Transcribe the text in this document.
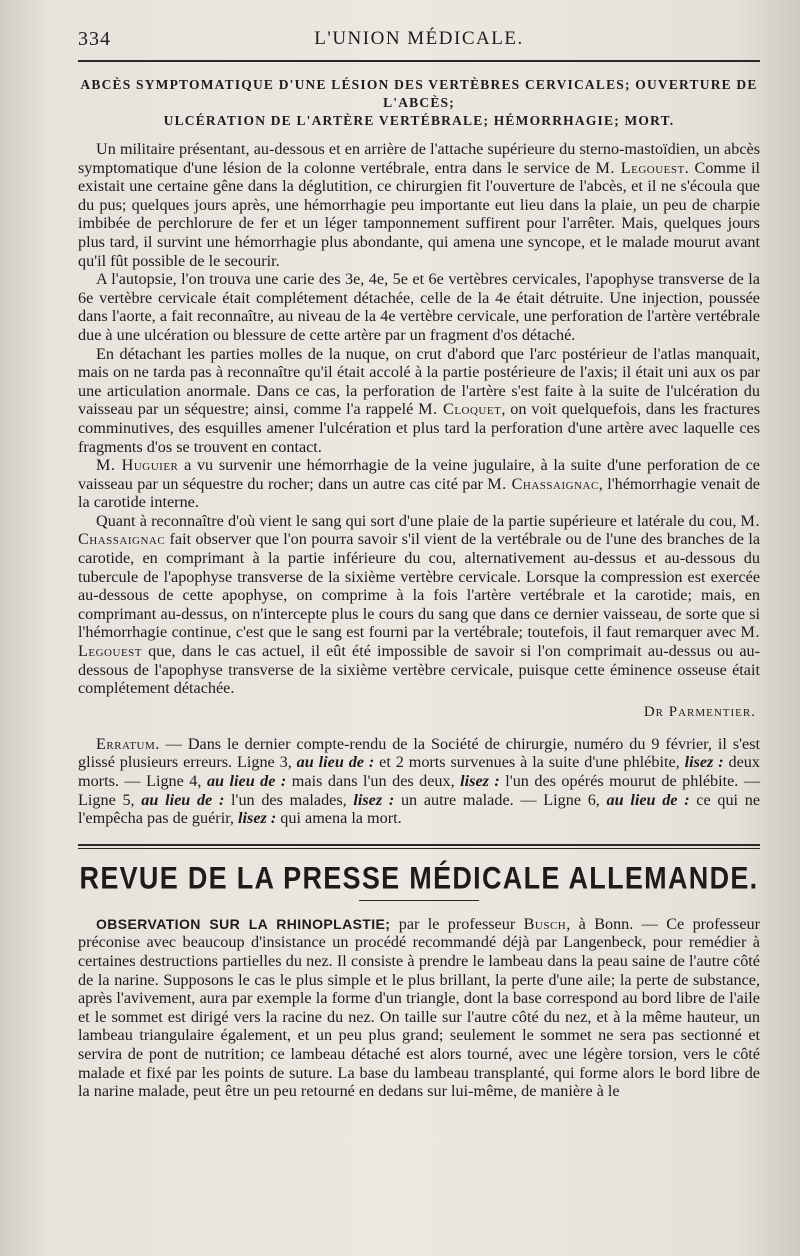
334	L'UNION MÉDICALE.
ABCÈS SYMPTOMATIQUE D'UNE LÉSION DES VERTÈBRES CERVICALES; OUVERTURE DE L'ABCÈS;
ULCÉRATION DE L'ARTÈRE VERTÉBRALE; HÉMORRHAGIE; MORT.

Un militaire présentant, au-dessous et en arrière de l'attache supérieure du sterno-mastoïdien, un abcès symptomatique d'une lésion de la colonne vertébrale, entra dans le service de M. Legouest. Comme il existait une certaine gêne dans la déglutition, ce chirurgien fit l'ouverture de l'abcès, et il ne s'écoula que du pus; quelques jours après, une hémorrhagie peu importante eut lieu dans la plaie, un peu de charpie imbibée de perchlorure de fer et un léger tamponnement suffirent pour l'arrêter. Mais, quelques jours plus tard, il survint une hémorrhagie plus abondante, qui amena une syncope, et le malade mourut avant qu'il fût possible de le secourir.

A l'autopsie, l'on trouva une carie des 3e, 4e, 5e et 6e vertèbres cervicales, l'apophyse transverse de la 6e vertèbre cervicale était complétement détachée, celle de la 4e était détruite. Une injection, poussée dans l'aorte, a fait reconnaître, au niveau de la 4e vertèbre cervicale, une perforation de l'artère vertébrale due à une ulcération ou blessure de cette artère par un fragment d'os détaché.

En détachant les parties molles de la nuque, on crut d'abord que l'arc postérieur de l'atlas manquait, mais on ne tarda pas à reconnaître qu'il était accolé à la partie postérieure de l'axis; il était uni aux os par une articulation anormale. Dans ce cas, la perforation de l'artère s'est faite à la suite de l'ulcération du vaisseau par un séquestre; ainsi, comme l'a rappelé M. Cloquet, on voit quelquefois, dans les fractures comminutives, des esquilles amener l'ulcération et plus tard la perforation d'une artère avec laquelle ces fragments d'os se trouvent en contact.

M. Huguier a vu survenir une hémorrhagie de la veine jugulaire, à la suite d'une perforation de ce vaisseau par un séquestre du rocher; dans un autre cas cité par M. Chassaignac, l'hémorrhagie venait de la carotide interne.

Quant à reconnaître d'où vient le sang qui sort d'une plaie de la partie supérieure et latérale du cou, M. Chassaignac fait observer que l'on pourra savoir s'il vient de la vertébrale ou de l'une des branches de la carotide, en comprimant à la partie inférieure du cou, alternativement au-dessus et au-dessous du tubercule de l'apophyse transverse de la sixième vertèbre cervicale. Lorsque la compression est exercée au-dessous de cette apophyse, on comprime à la fois l'artère vertébrale et la carotide; mais, en comprimant au-dessus, on n'intercepte plus le cours du sang que dans ce dernier vaisseau, de sorte que si l'hémorrhagie continue, c'est que le sang est fourni par la vertébrale; toutefois, il faut remarquer avec M. Legouest que, dans le cas actuel, il eût été impossible de savoir si l'on comprimait au-dessus ou au-dessous de l'apophyse transverse de la sixième vertèbre cervicale, puisque cette éminence osseuse était complétement détachée.

Dr Parmentier.

Erratum. — Dans le dernier compte-rendu de la Société de chirurgie, numéro du 9 février, il s'est glissé plusieurs erreurs. Ligne 3, au lieu de : et 2 morts survenues à la suite d'une phlébite, lisez : deux morts. — Ligne 4, au lieu de : mais dans l'un des deux, lisez : l'un des opérés mourut de phlébite. — Ligne 5, au lieu de : l'un des malades, lisez : un autre malade. — Ligne 6, au lieu de : ce qui ne l'empêcha pas de guérir, lisez : qui amena la mort.

REVUE DE LA PRESSE MÉDICALE ALLEMANDE.

OBSERVATION SUR LA RHINOPLASTIE; par le professeur Busch, à Bonn. — Ce professeur préconise avec beaucoup d'insistance un procédé recommandé déjà par Langenbeck, pour remédier à certaines destructions partielles du nez. Il consiste à prendre le lambeau dans la peau saine de l'autre côté de la narine. Supposons le cas le plus simple et le plus brillant, la perte d'une aile; la perte de substance, après l'avivement, aura par exemple la forme d'un triangle, dont la base correspond au bord libre de l'aile et le sommet est dirigé vers la racine du nez. On taille sur l'autre côté du nez, et à la même hauteur, un lambeau triangulaire également, et un peu plus grand; seulement le sommet ne sera pas sectionné et servira de pont de nutrition; ce lambeau détaché est alors tourné, avec une légère torsion, vers le côté malade et fixé par les points de suture. La base du lambeau transplanté, qui forme alors le bord libre de la narine malade, peut être un peu retourné en dedans sur lui-même, de manière à le
